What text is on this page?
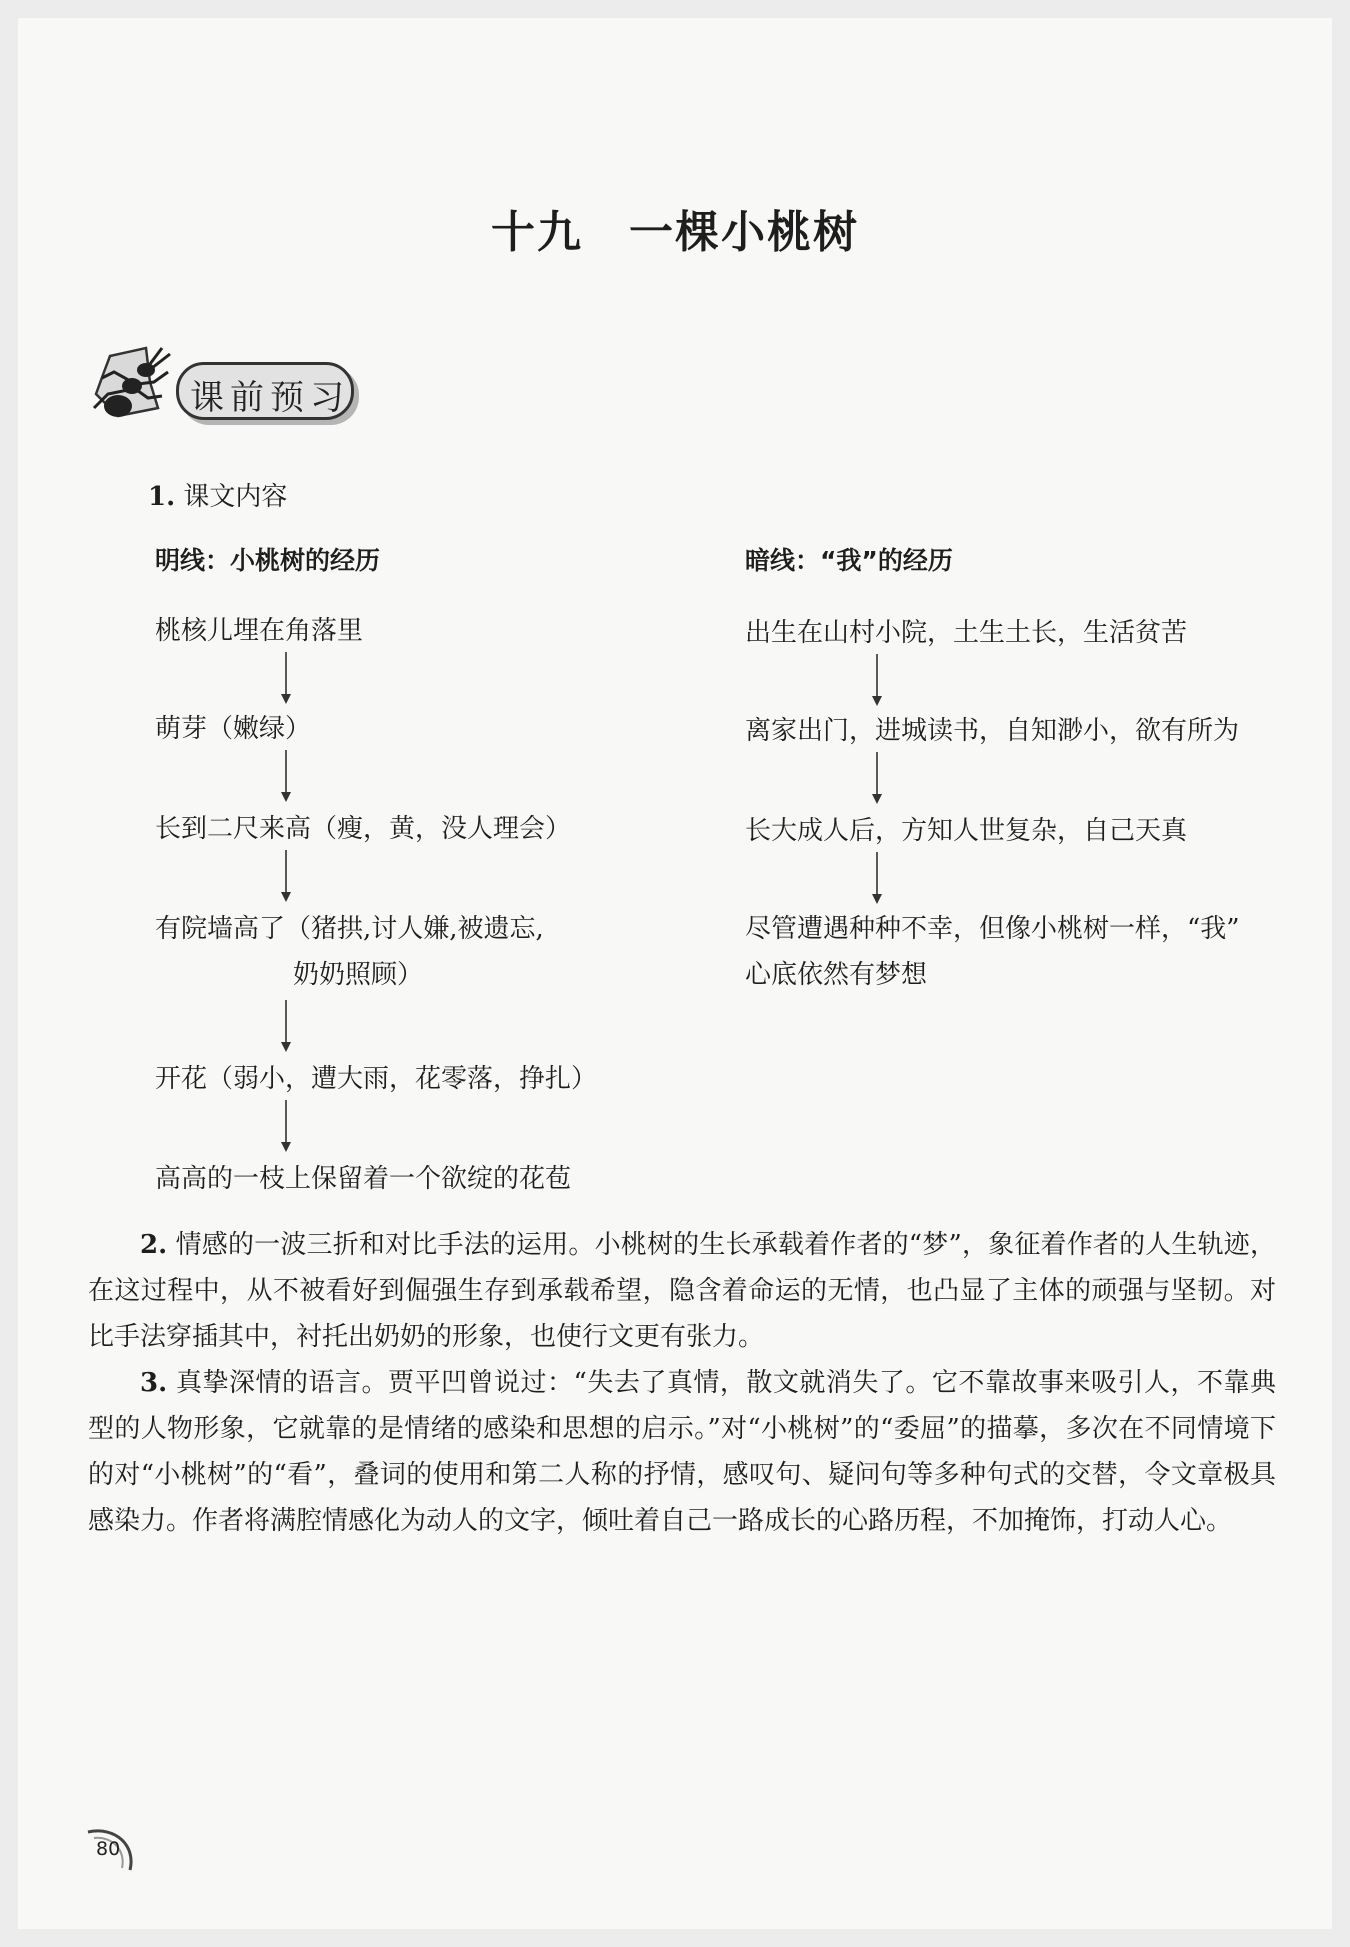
十九 一棵小桃树
课前预习
1. 课文内容
明线：小桃树的经历	暗线：“我”的经历
桃核儿埋在角落里
萌芽（嫩绿）
长到二尺来高（瘦，黄，没人理会）
有院墙高了（猪拱,讨人嫌,被遗忘,
奶奶照顾）
开花（弱小，遭大雨，花零落，挣扎）
高高的一枝上保留着一个欲绽的花苞
出生在山村小院，土生土长，生活贫苦
离家出门，进城读书，自知渺小，欲有所为
长大成人后，方知人世复杂，自己天真
尽管遭遇种种不幸，但像小桃树一样，“我”
心底依然有梦想
2. 情感的一波三折和对比手法的运用。小桃树的生长承载着作者的“梦”，象征着作者的人生轨迹，在这过程中，从不被看好到倔强生存到承载希望，隐含着命运的无情，也凸显了主体的顽强与坚韧。对比手法穿插其中，衬托出奶奶的形象，也使行文更有张力。
3. 真挚深情的语言。贾平凹曾说过：“失去了真情，散文就消失了。它不靠故事来吸引人，不靠典型的人物形象，它就靠的是情绪的感染和思想的启示。”对“小桃树”的“委屈”的描摹，多次在不同情境下的对“小桃树”的“看”，叠词的使用和第二人称的抒情，感叹句、疑问句等多种句式的交替，令文章极具感染力。作者将满腔情感化为动人的文字，倾吐着自己一路成长的心路历程，不加掩饰，打动人心。
80
